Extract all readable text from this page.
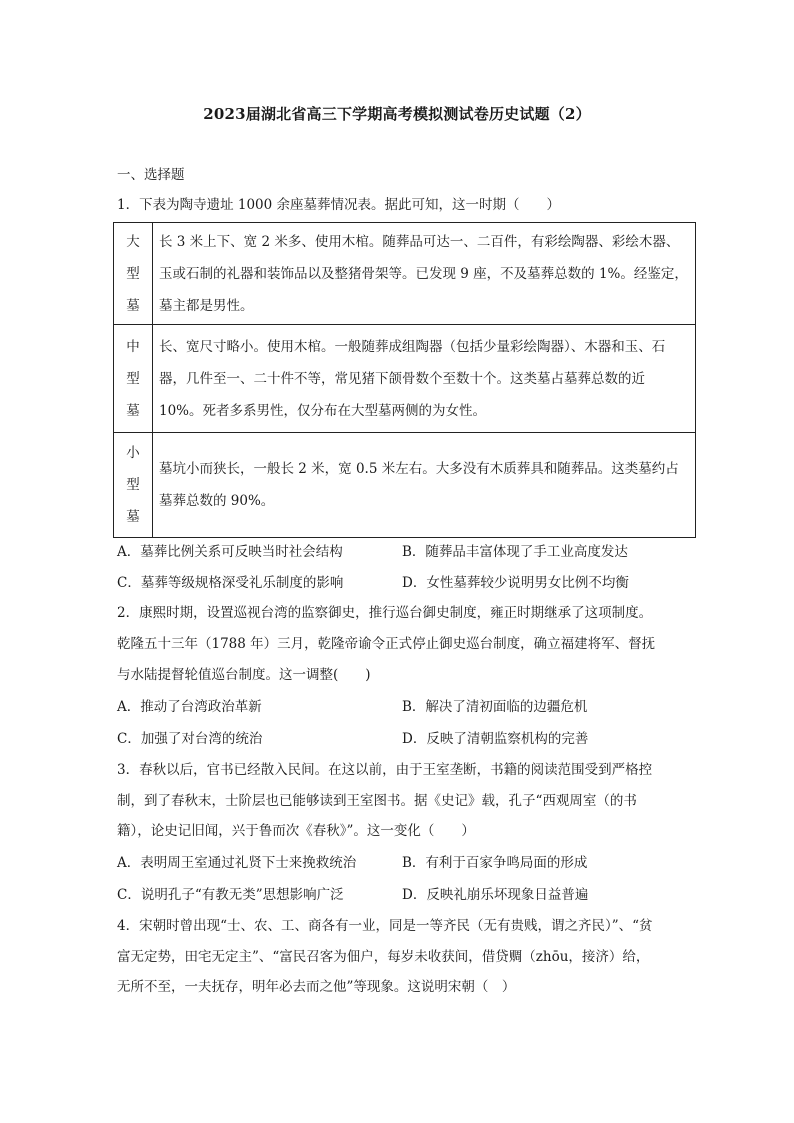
2023届湖北省高三下学期高考模拟测试卷历史试题（2）
一、选择题
1．下表为陶寺遗址 1000 余座墓葬情况表。据此可知，这一时期（　　）
大
型
墓	长 3 米上下、宽 2 米多、使用木棺。随葬品可达一、二百件，有彩绘陶器、彩绘木器、玉或石制的礼器和装饰品以及整猪骨架等。已发现 9 座，不及墓葬总数的 1%。经鉴定，墓主都是男性。
中
型
墓	长、宽尺寸略小。使用木棺。一般随葬成组陶器（包括少量彩绘陶器）、木器和玉、石器，几件至一、二十件不等，常见猪下颌骨数个至数十个。这类墓占墓葬总数的近 10%。死者多系男性，仅分布在大型墓两侧的为女性。
小
型
墓	墓坑小而狭长，一般长 2 米，宽 0.5 米左右。大多没有木质葬具和随葬品。这类墓约占墓葬总数的 90%。
A．墓葬比例关系可反映当时社会结构	B．随葬品丰富体现了手工业高度发达
C．墓葬等级规格深受礼乐制度的影响	D．女性墓葬较少说明男女比例不均衡
2．康熙时期，设置巡视台湾的监察御史，推行巡台御史制度，雍正时期继承了这项制度。
乾隆五十三年（1788 年）三月，乾隆帝谕令正式停止御史巡台制度，确立福建将军、督抚
与水陆提督轮值巡台制度。这一调整(　　)
A．推动了台湾政治革新	B．解决了清初面临的边疆危机
C．加强了对台湾的统治	D．反映了清朝监察机构的完善
3．春秋以后，官书已经散入民间。在这以前，由于王室垄断，书籍的阅读范围受到严格控
制，到了春秋末，士阶层也已能够读到王室图书。据《史记》载，孔子“西观周室（的书
籍），论史记旧闻，兴于鲁而次《春秋》”。这一变化（　　）
A．表明周王室通过礼贤下士来挽救统治	B．有利于百家争鸣局面的形成
C．说明孔子“有教无类”思想影响广泛	D．反映礼崩乐坏现象日益普遍
4．宋朝时曾出现“士、农、工、商各有一业，同是一等齐民（无有贵贱，谓之齐民）”、“贫
富无定势，田宅无定主”、“富民召客为佃户，每岁未收获间，借贷赒（zhōu，接济）给，
无所不至，一夫抚存，明年必去而之他”等现象。这说明宋朝（　）
